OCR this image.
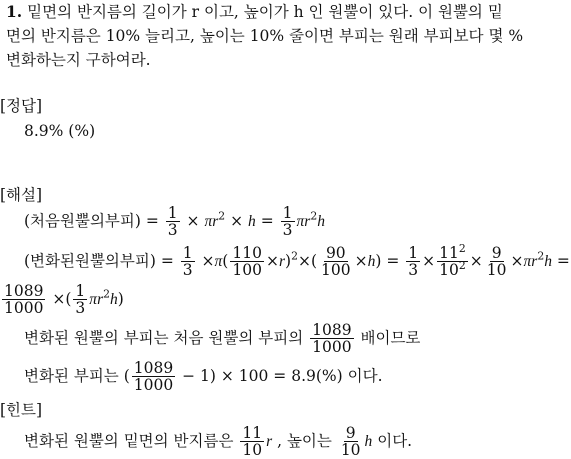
1. 밑면의 반지름의 길이가 r 이고, 높이가 h 인 원뿔이 있다. 이 원뿔의 밑
면의 반지름은 10% 늘리고, 높이는 10% 줄이면 부피는 원래 부피보다 몇 %
변화하는지 구하여라.
[정답]
8.9% (%)
[해설]
(처음원뿔의부피) = $\frac{1}{3} \times \pi r^2 \times h = \frac{1}{3} \pi r^2h$
(변화된원뿔의부피) = $\frac{1}{3} \times\pi( \frac{110}{100} \times r)^2\times( \frac{90}{100} \times h) = \frac{1}{3} \times \frac{11^2}{10^2} \times \frac{9}{10} \times\pi r^2h$ =
$\frac{1089}{1000}$ ×( $\frac{1}{3} \pi r^2h$)
변화된 원뿔의 부피는 처음 원뿔의 부피의 $\frac{1089}{1000}$ 배이므로
변화된 부피는 ( $\frac{1089}{1000} - 1) \times 100 = 8.9(\%)$ 이다.
[힌트]
변화된 원뿔의 밑면의 반지름은 $\frac{11}{10}$ r , 높이는 $\frac{9}{10}$ h 이다.
